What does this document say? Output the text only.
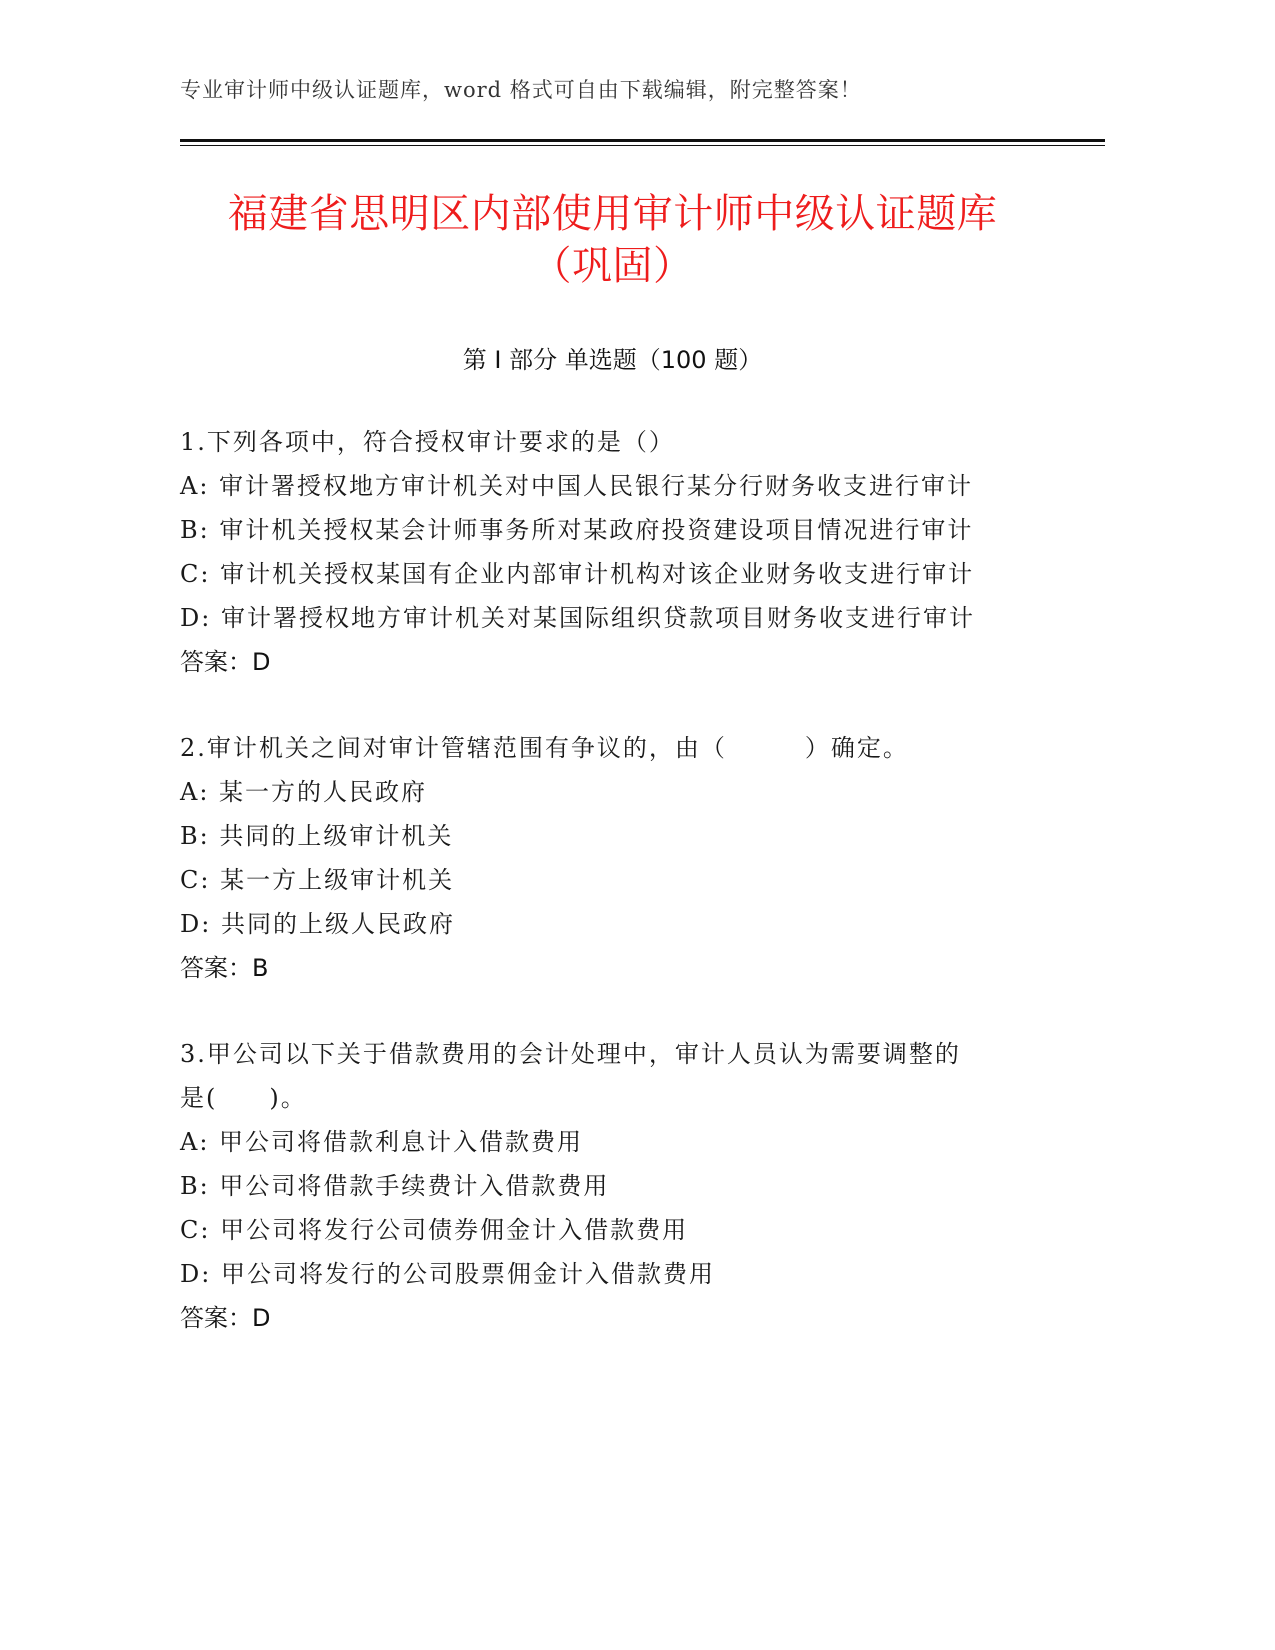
专业审计师中级认证题库，word 格式可自由下载编辑，附完整答案！
福建省思明区内部使用审计师中级认证题库
（巩固）
第 I 部分 单选题（100 题）
1.下列各项中，符合授权审计要求的是（）
A: 审计署授权地方审计机关对中国人民银行某分行财务收支进行审计
B: 审计机关授权某会计师事务所对某政府投资建设项目情况进行审计
C: 审计机关授权某国有企业内部审计机构对该企业财务收支进行审计
D: 审计署授权地方审计机关对某国际组织贷款项目财务收支进行审计
答案：D
2.审计机关之间对审计管辖范围有争议的，由（　　　）确定。
A: 某一方的人民政府
B: 共同的上级审计机关
C: 某一方上级审计机关
D: 共同的上级人民政府
答案：B
3.甲公司以下关于借款费用的会计处理中，审计人员认为需要调整的
是(　　)。
A: 甲公司将借款利息计入借款费用
B: 甲公司将借款手续费计入借款费用
C: 甲公司将发行公司债券佣金计入借款费用
D: 甲公司将发行的公司股票佣金计入借款费用
答案：D
